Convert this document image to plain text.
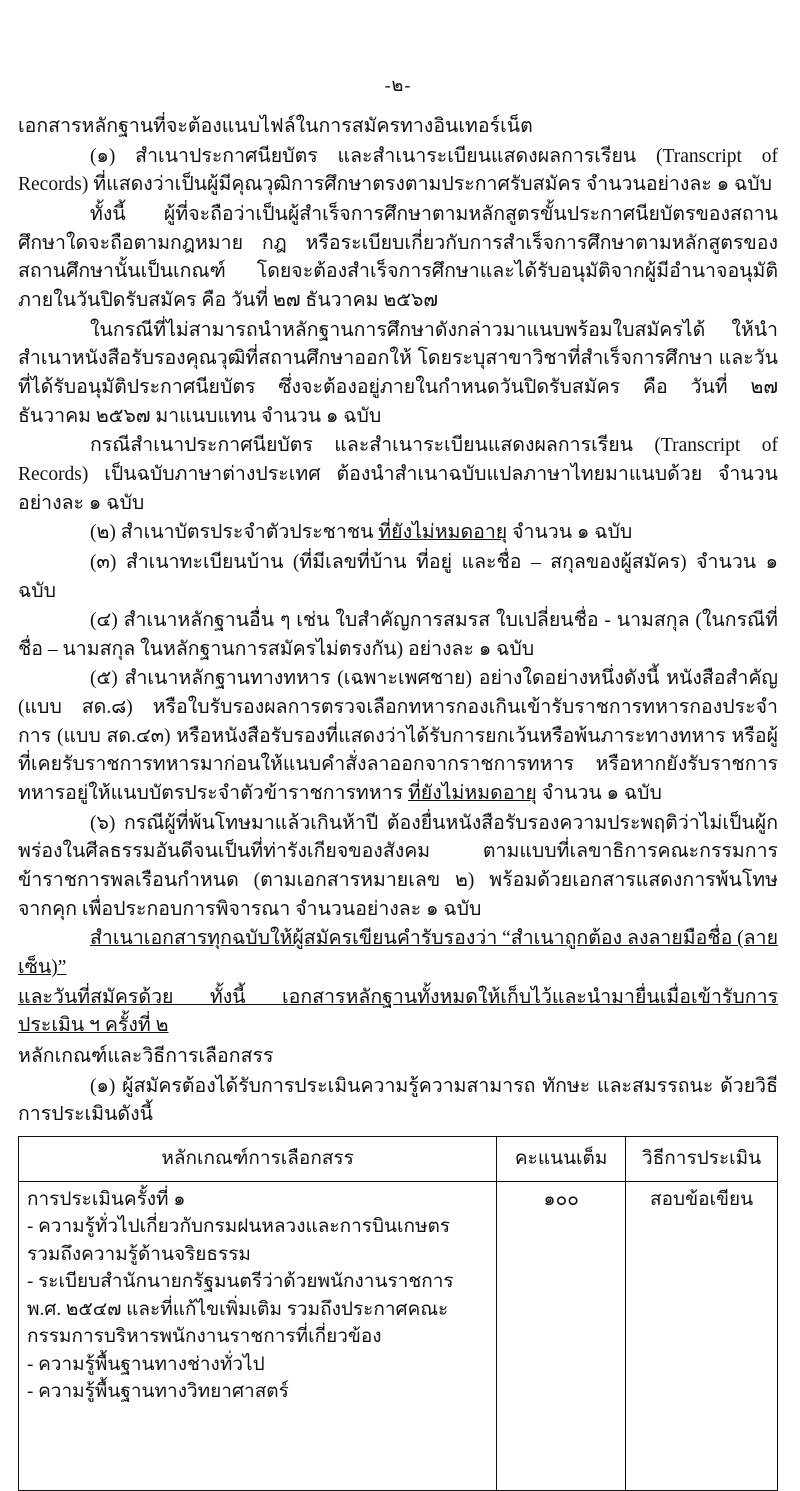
-๒-

เอกสารหลักฐานที่จะต้องแนบไฟล์ในการสมัครทางอินเทอร์เน็ต

(๑) สำเนาประกาศนียบัตร และสำเนาระเบียนแสดงผลการเรียน (Transcript of Records) ที่แสดงว่าเป็นผู้มีคุณวุฒิการศึกษาตรงตามประกาศรับสมัคร จำนวนอย่างละ ๑ ฉบับ

ทั้งนี้ ผู้ที่จะถือว่าเป็นผู้สำเร็จการศึกษาตามหลักสูตรขั้นประกาศนียบัตรของสถานศึกษาใดจะถือตามกฎหมาย กฎ หรือระเบียบเกี่ยวกับการสำเร็จการศึกษาตามหลักสูตรของสถานศึกษานั้นเป็นเกณฑ์ โดยจะต้องสำเร็จการศึกษาและได้รับอนุมัติจากผู้มีอำนาจอนุมัติภายในวันปิดรับสมัคร คือ วันที่ ๒๗ ธันวาคม ๒๕๖๗

ในกรณีที่ไม่สามารถนำหลักฐานการศึกษาดังกล่าวมาแนบพร้อมใบสมัครได้ ให้นำสำเนาหนังสือรับรองคุณวุฒิที่สถานศึกษาออกให้ โดยระบุสาขาวิชาที่สำเร็จการศึกษา และวันที่ได้รับอนุมัติประกาศนียบัตร ซึ่งจะต้องอยู่ภายในกำหนดวันปิดรับสมัคร คือ วันที่ ๒๗ ธันวาคม ๒๕๖๗ มาแนบแทน จำนวน ๑ ฉบับ

กรณีสำเนาประกาศนียบัตร และสำเนาระเบียนแสดงผลการเรียน (Transcript of Records) เป็นฉบับภาษาต่างประเทศ ต้องนำสำเนาฉบับแปลภาษาไทยมาแนบด้วย จำนวนอย่างละ ๑ ฉบับ

(๒) สำเนาบัตรประจำตัวประชาชน ที่ยังไม่หมดอายุ จำนวน ๑ ฉบับ

(๓) สำเนาทะเบียนบ้าน (ที่มีเลขที่บ้าน ที่อยู่ และชื่อ – สกุลของผู้สมัคร) จำนวน ๑ ฉบับ

(๔) สำเนาหลักฐานอื่น ๆ เช่น ใบสำคัญการสมรส ใบเปลี่ยนชื่อ - นามสกุล (ในกรณีที่ชื่อ – นามสกุล ในหลักฐานการสมัครไม่ตรงกัน) อย่างละ ๑ ฉบับ

(๕) สำเนาหลักฐานทางทหาร (เฉพาะเพศชาย) อย่างใดอย่างหนึ่งดังนี้ หนังสือสำคัญ (แบบ สด.๘) หรือใบรับรองผลการตรวจเลือกทหารกองเกินเข้ารับราชการทหารกองประจำการ (แบบ สด.๔๓) หรือหนังสือรับรองที่แสดงว่าได้รับการยกเว้นหรือพ้นภาระทางทหาร หรือผู้ที่เคยรับราชการทหารมาก่อนให้แนบคำสั่งลาออกจากราชการทหาร หรือหากยังรับราชการทหารอยู่ให้แนบบัตรประจำตัวข้าราชการทหาร ที่ยังไม่หมดอายุ จำนวน ๑ ฉบับ

(๖) กรณีผู้ที่พ้นโทษมาแล้วเกินห้าปี ต้องยื่นหนังสือรับรองความประพฤติว่าไม่เป็นผู้กพร่องในศีลธรรมอันดีจนเป็นที่ท่ารังเกียจของสังคม ตามแบบที่เลขาธิการคณะกรรมการข้าราชการพลเรือนกำหนด (ตามเอกสารหมายเลข ๒) พร้อมด้วยเอกสารแสดงการพ้นโทษจากคุก เพื่อประกอบการพิจารณา จำนวนอย่างละ ๑ ฉบับ

สำเนาเอกสารทุกฉบับให้ผู้สมัครเขียนคำรับรองว่า “สำเนาถูกต้อง ลงลายมือชื่อ (ลายเซ็น)”

และวันที่สมัครด้วย ทั้งนี้ เอกสารหลักฐานทั้งหมดให้เก็บไว้และนำมายื่นเมื่อเข้ารับการประเมิน ฯ ครั้งที่ ๒

หลักเกณฑ์และวิธีการเลือกสรร

(๑) ผู้สมัครต้องได้รับการประเมินความรู้ความสามารถ ทักษะ และสมรรถนะ ด้วยวิธีการประเมินดังนี้

หลักเกณฑ์การเลือกสรร	คะแนนเต็ม	วิธีการประเมิน

การประเมินครั้งที่ ๑
- ความรู้ทั่วไปเกี่ยวกับกรมฝนหลวงและการบินเกษตร รวมถึงความรู้ด้านจริยธรรม
- ระเบียบสำนักนายกรัฐมนตรีว่าด้วยพนักงานราชการ พ.ศ. ๒๕๔๗ และที่แก้ไขเพิ่มเติม รวมถึงประกาศคณะกรรมการบริหารพนักงานราชการที่เกี่ยวข้อง
- ความรู้พื้นฐานทางช่างทั่วไป
- ความรู้พื้นฐานทางวิทยาศาสตร์	๑๐๐	สอบข้อเขียน
